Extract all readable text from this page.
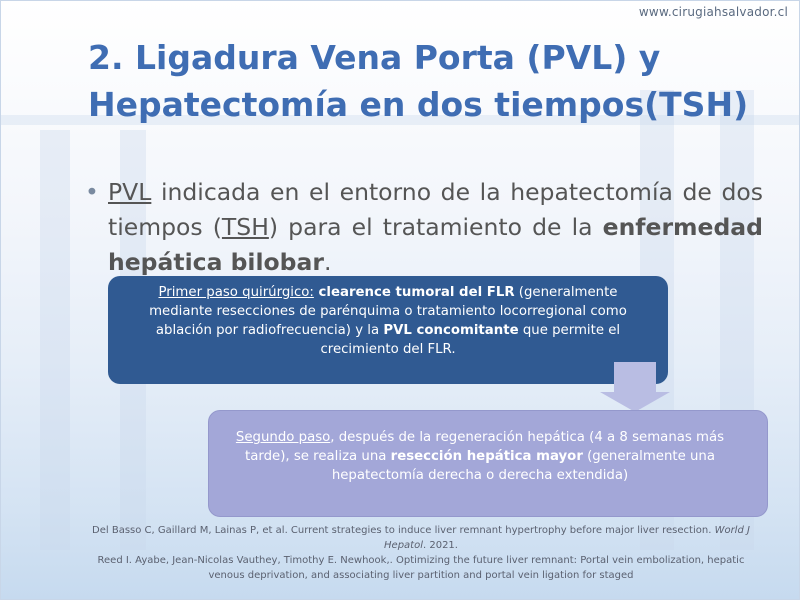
www.cirugiahsalvador.cl
2. Ligadura Vena Porta (PVL) y
Hepatectomía en dos tiempos(TSH)
• PVL indicada en el entorno de la hepatectomía de dos tiempos (TSH) para el tratamiento de la enfermedad hepática bilobar.
Primer paso quirúrgico: clearence tumoral del FLR (generalmente mediante resecciones de parénquima o tratamiento locorregional como ablación por radiofrecuencia) y la PVL concomitante que permite el crecimiento del FLR.
Segundo paso, después de la regeneración hepática (4 a 8 semanas más tarde), se realiza una resección hepática mayor (generalmente una hepatectomía derecha o derecha extendida)

Del Basso C, Gaillard M, Lainas P, et al. Current strategies to induce liver remnant hypertrophy before major liver resection. World J Hepatol. 2021.

Reed I. Ayabe, Jean-Nicolas Vauthey, Timothy E. Newhook,. Optimizing the future liver remnant: Portal vein embolization, hepatic venous deprivation, and associating liver partition and portal vein ligation for staged
